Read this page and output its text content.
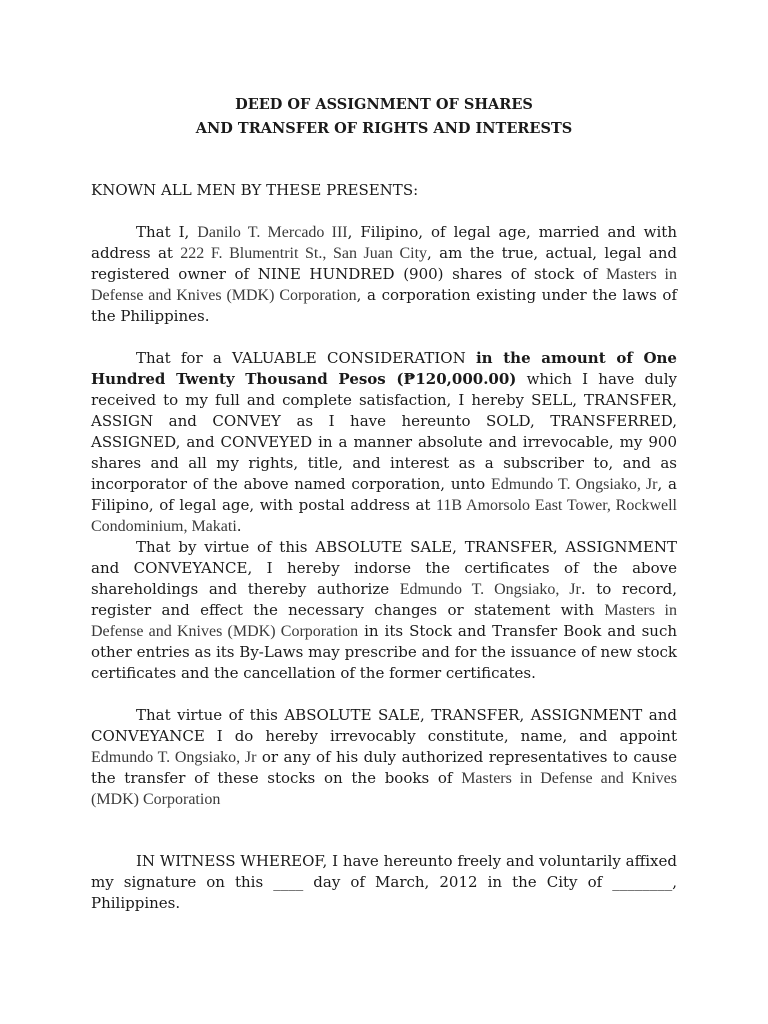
DEED OF ASSIGNMENT OF SHARES

AND TRANSFER OF RIGHTS AND INTERESTS

KNOWN ALL MEN BY THESE PRESENTS:

That I, Danilo T. Mercado III, Filipino, of legal age, married and with address at 222 F. Blumentrit St., San Juan City, am the true, actual, legal and registered owner of NINE HUNDRED (900) shares of stock of Masters in Defense and Knives (MDK) Corporation, a corporation existing under the laws of the Philippines.

That for a VALUABLE CONSIDERATION in the amount of One Hundred Twenty Thousand Pesos (₱120,000.00) which I have duly received to my full and complete satisfaction, I hereby SELL, TRANSFER, ASSIGN and CONVEY as I have hereunto SOLD, TRANSFERRED, ASSIGNED, and CONVEYED in a manner absolute and irrevocable, my 900 shares and all my rights, title, and interest as a subscriber to, and as incorporator of the above named corporation, unto Edmundo T. Ongsiako, Jr, a Filipino, of legal age, with postal address at 11B Amorsolo East Tower, Rockwell Condominium, Makati.

That by virtue of this ABSOLUTE SALE, TRANSFER, ASSIGNMENT and CONVEYANCE, I hereby indorse the certificates of the above shareholdings and thereby authorize Edmundo T. Ongsiako, Jr. to record, register and effect the necessary changes or statement with Masters in Defense and Knives (MDK) Corporation in its Stock and Transfer Book and such other entries as its By-Laws may prescribe and for the issuance of new stock certificates and the cancellation of the former certificates.

That virtue of this ABSOLUTE SALE, TRANSFER, ASSIGNMENT and CONVEYANCE I do hereby irrevocably constitute, name, and appoint Edmundo T. Ongsiako, Jr or any of his duly authorized representatives to cause the transfer of these stocks on the books of Masters in Defense and Knives (MDK) Corporation

IN WITNESS WHEREOF, I have hereunto freely and voluntarily affixed my signature on this ____ day of March, 2012 in the City of ________, Philippines.
